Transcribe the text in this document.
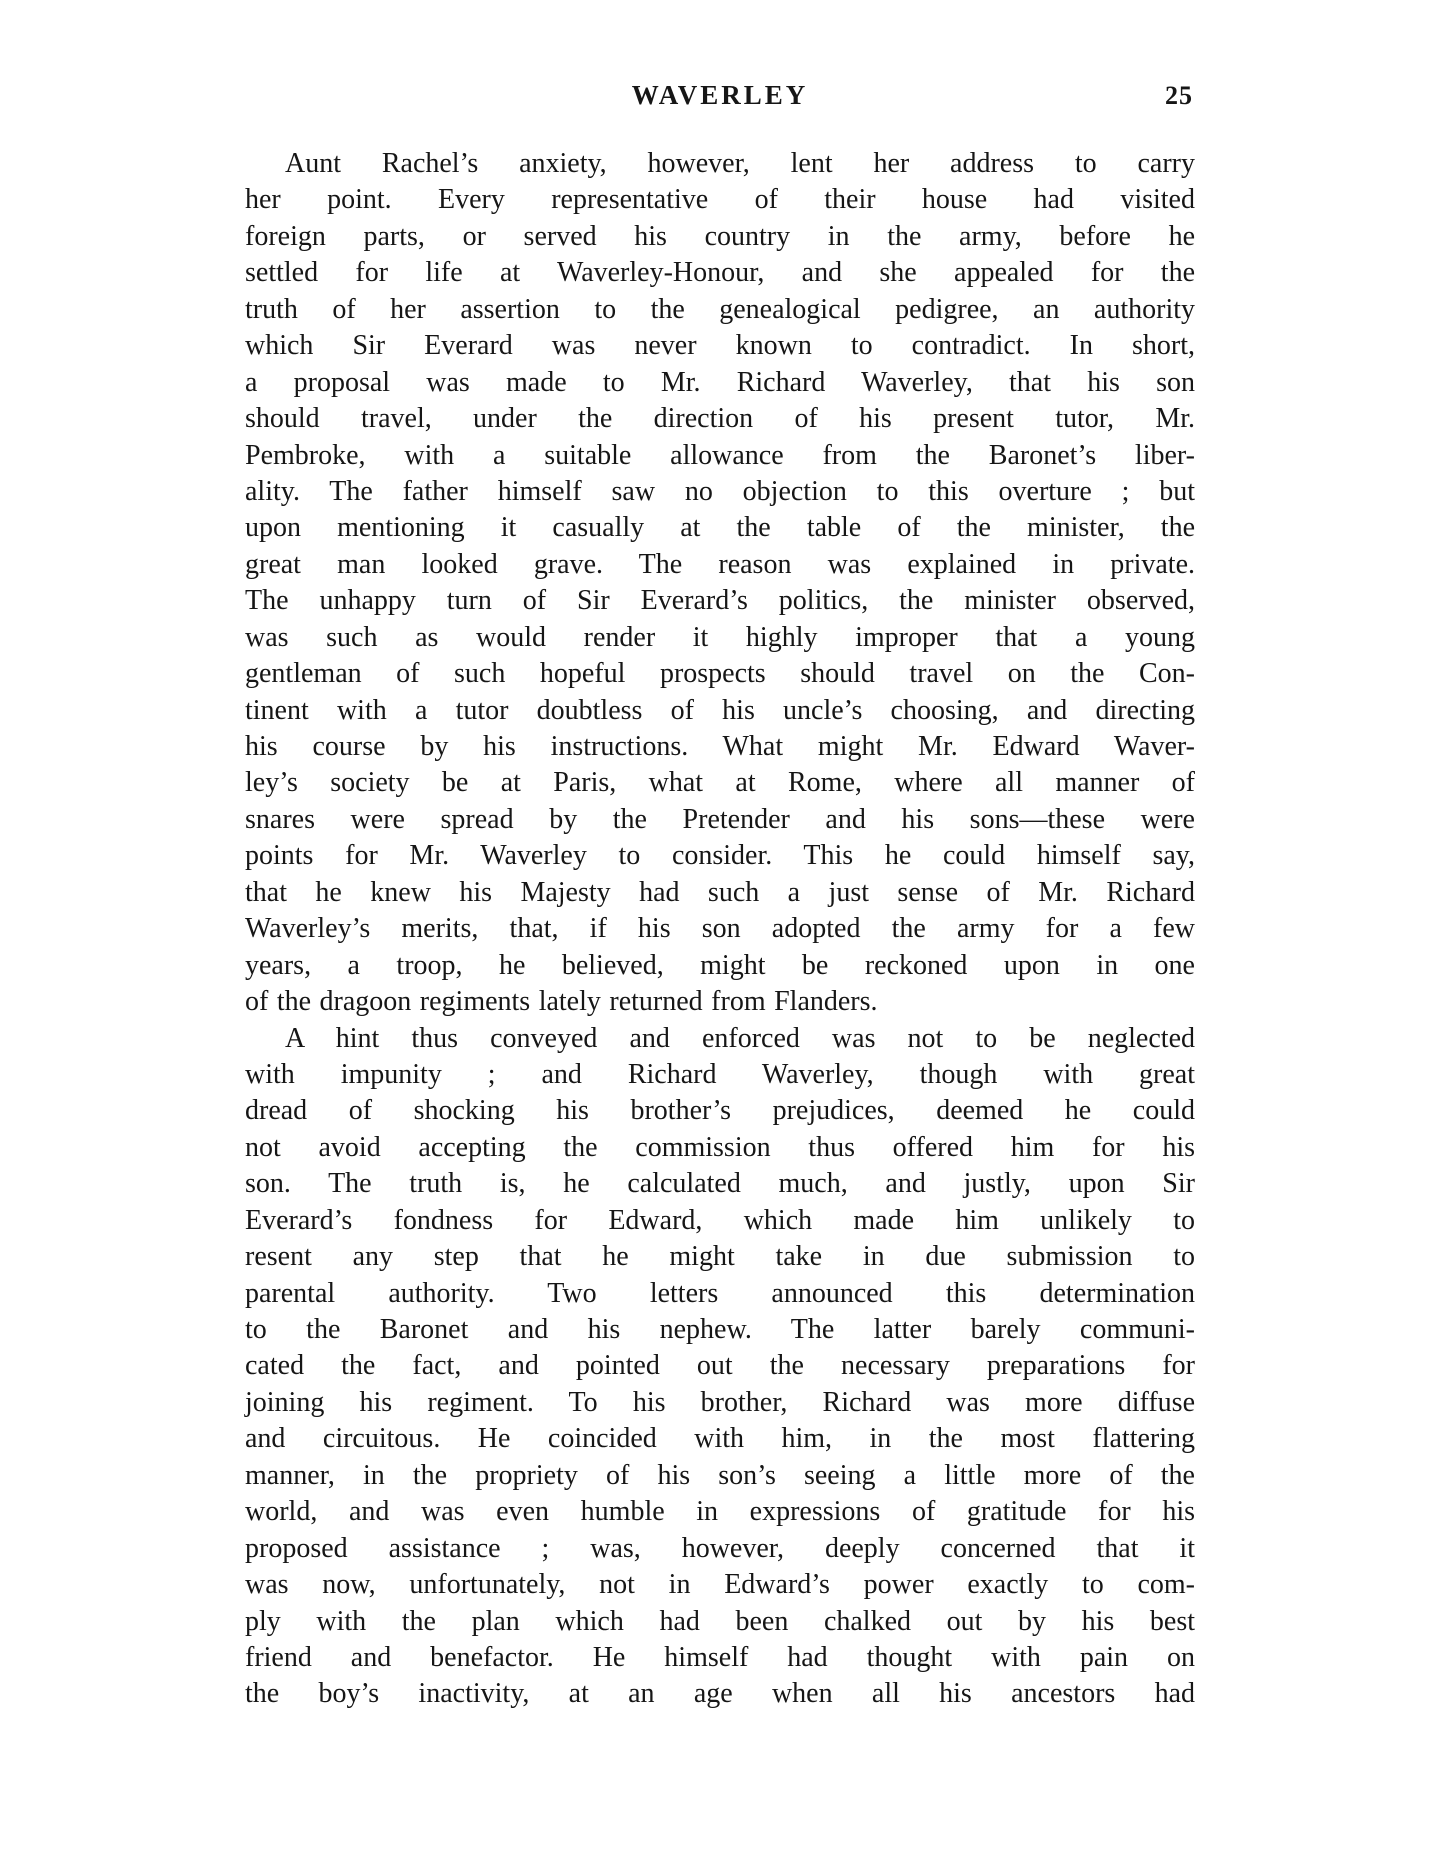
WAVERLEY	25
Aunt Rachel’s anxiety, however, lent her address to carry
her point. Every representative of their house had visited
foreign parts, or served his country in the army, before he
settled for life at Waverley-Honour, and she appealed for the
truth of her assertion to the genealogical pedigree, an authority
which Sir Everard was never known to contradict. In short,
a proposal was made to Mr. Richard Waverley, that his son
should travel, under the direction of his present tutor, Mr.
Pembroke, with a suitable allowance from the Baronet’s liber-
ality. The father himself saw no objection to this overture ; but
upon mentioning it casually at the table of the minister, the
great man looked grave. The reason was explained in private.
The unhappy turn of Sir Everard’s politics, the minister observed,
was such as would render it highly improper that a young
gentleman of such hopeful prospects should travel on the Con-
tinent with a tutor doubtless of his uncle’s choosing, and directing
his course by his instructions. What might Mr. Edward Waver-
ley’s society be at Paris, what at Rome, where all manner of
snares were spread by the Pretender and his sons—these were
points for Mr. Waverley to consider. This he could himself say,
that he knew his Majesty had such a just sense of Mr. Richard
Waverley’s merits, that, if his son adopted the army for a few
years, a troop, he believed, might be reckoned upon in one
of the dragoon regiments lately returned from Flanders.
A hint thus conveyed and enforced was not to be neglected
with impunity ; and Richard Waverley, though with great
dread of shocking his brother’s prejudices, deemed he could
not avoid accepting the commission thus offered him for his
son. The truth is, he calculated much, and justly, upon Sir
Everard’s fondness for Edward, which made him unlikely to
resent any step that he might take in due submission to
parental authority. Two letters announced this determination
to the Baronet and his nephew. The latter barely communi-
cated the fact, and pointed out the necessary preparations for
joining his regiment. To his brother, Richard was more diffuse
and circuitous. He coincided with him, in the most flattering
manner, in the propriety of his son’s seeing a little more of the
world, and was even humble in expressions of gratitude for his
proposed assistance ; was, however, deeply concerned that it
was now, unfortunately, not in Edward’s power exactly to com-
ply with the plan which had been chalked out by his best
friend and benefactor. He himself had thought with pain on
the boy’s inactivity, at an age when all his ancestors had
